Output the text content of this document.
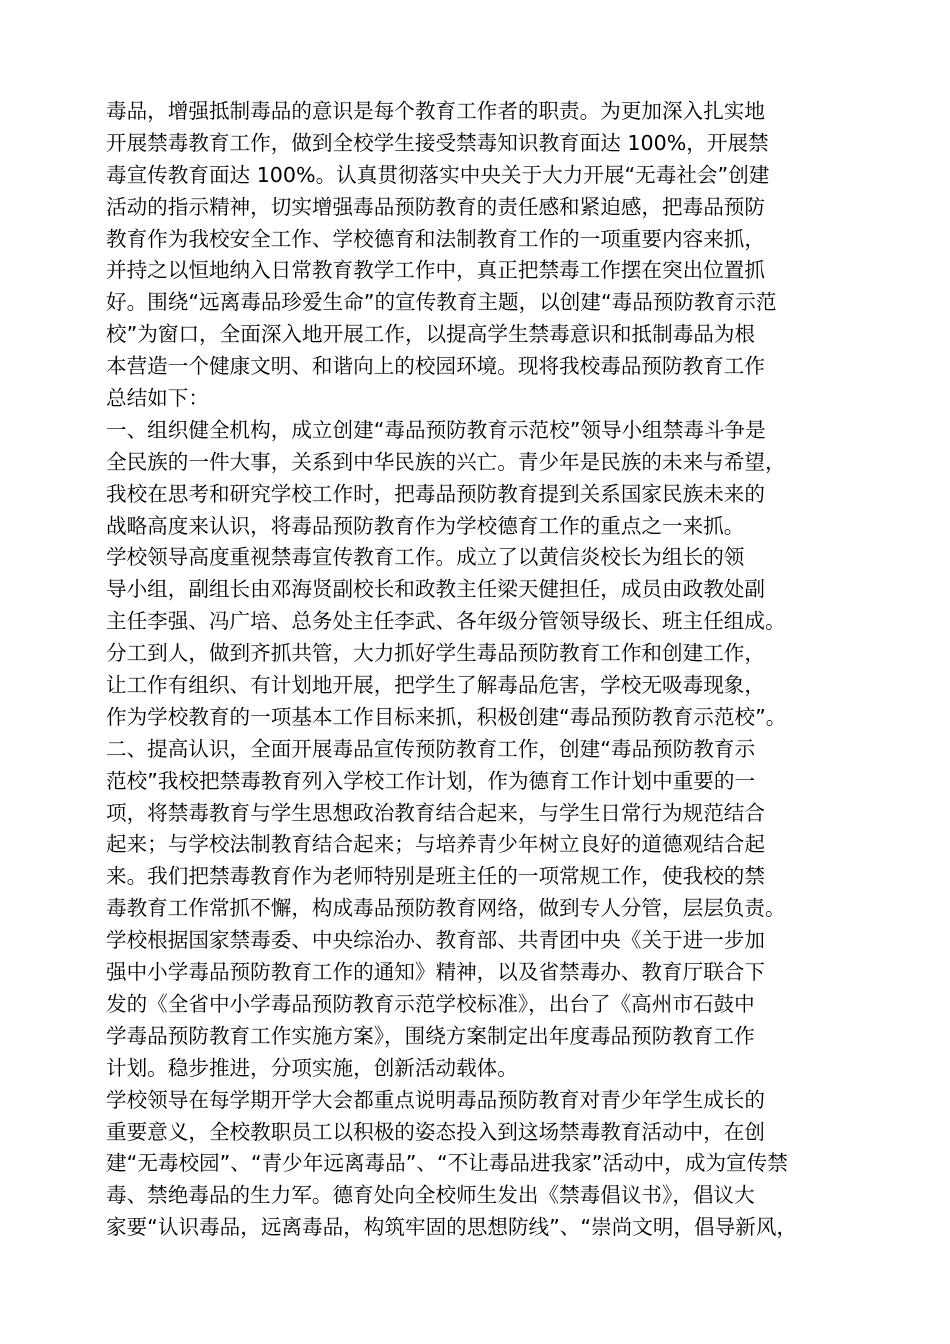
毒品，增强抵制毒品的意识是每个教育工作者的职责。为更加深入扎实地
开展禁毒教育工作，做到全校学生接受禁毒知识教育面达 100%，开展禁
毒宣传教育面达 100%。认真贯彻落实中央关于大力开展“无毒社会”创建
活动的指示精神，切实增强毒品预防教育的责任感和紧迫感，把毒品预防
教育作为我校安全工作、学校德育和法制教育工作的一项重要内容来抓，
并持之以恒地纳入日常教育教学工作中，真正把禁毒工作摆在突出位置抓
好。围绕“远离毒品珍爱生命”的宣传教育主题，以创建“毒品预防教育示范
校”为窗口，全面深入地开展工作，以提高学生禁毒意识和抵制毒品为根
本营造一个健康文明、和谐向上的校园环境。现将我校毒品预防教育工作
总结如下：
一、组织健全机构，成立创建“毒品预防教育示范校”领导小组禁毒斗争是
全民族的一件大事，关系到中华民族的兴亡。青少年是民族的未来与希望，
我校在思考和研究学校工作时，把毒品预防教育提到关系国家民族未来的
战略高度来认识，将毒品预防教育作为学校德育工作的重点之一来抓。
学校领导高度重视禁毒宣传教育工作。成立了以黄信炎校长为组长的领
导小组，副组长由邓海贤副校长和政教主任梁天健担任，成员由政教处副
主任李强、冯广培、总务处主任李武、各年级分管领导级长、班主任组成。
分工到人，做到齐抓共管，大力抓好学生毒品预防教育工作和创建工作，
让工作有组织、有计划地开展，把学生了解毒品危害，学校无吸毒现象，
作为学校教育的一项基本工作目标来抓，积极创建“毒品预防教育示范校”。
二、提高认识，全面开展毒品宣传预防教育工作，创建“毒品预防教育示
范校”我校把禁毒教育列入学校工作计划，作为德育工作计划中重要的一
项，将禁毒教育与学生思想政治教育结合起来，与学生日常行为规范结合
起来；与学校法制教育结合起来；与培养青少年树立良好的道德观结合起
来。我们把禁毒教育作为老师特别是班主任的一项常规工作，使我校的禁
毒教育工作常抓不懈，构成毒品预防教育网络，做到专人分管，层层负责。
学校根据国家禁毒委、中央综治办、教育部、共青团中央《关于进一步加
强中小学毒品预防教育工作的通知》精神，以及省禁毒办、教育厅联合下
发的《全省中小学毒品预防教育示范学校标准》，出台了《高州市石鼓中
学毒品预防教育工作实施方案》，围绕方案制定出年度毒品预防教育工作
计划。稳步推进，分项实施，创新活动载体。
学校领导在每学期开学大会都重点说明毒品预防教育对青少年学生成长的
重要意义，全校教职员工以积极的姿态投入到这场禁毒教育活动中，在创
建“无毒校园”、“青少年远离毒品”、“不让毒品进我家”活动中，成为宣传禁
毒、禁绝毒品的生力军。德育处向全校师生发出《禁毒倡议书》，倡议大
家要“认识毒品，远离毒品，构筑牢固的思想防线”、“崇尚文明，倡导新风，
